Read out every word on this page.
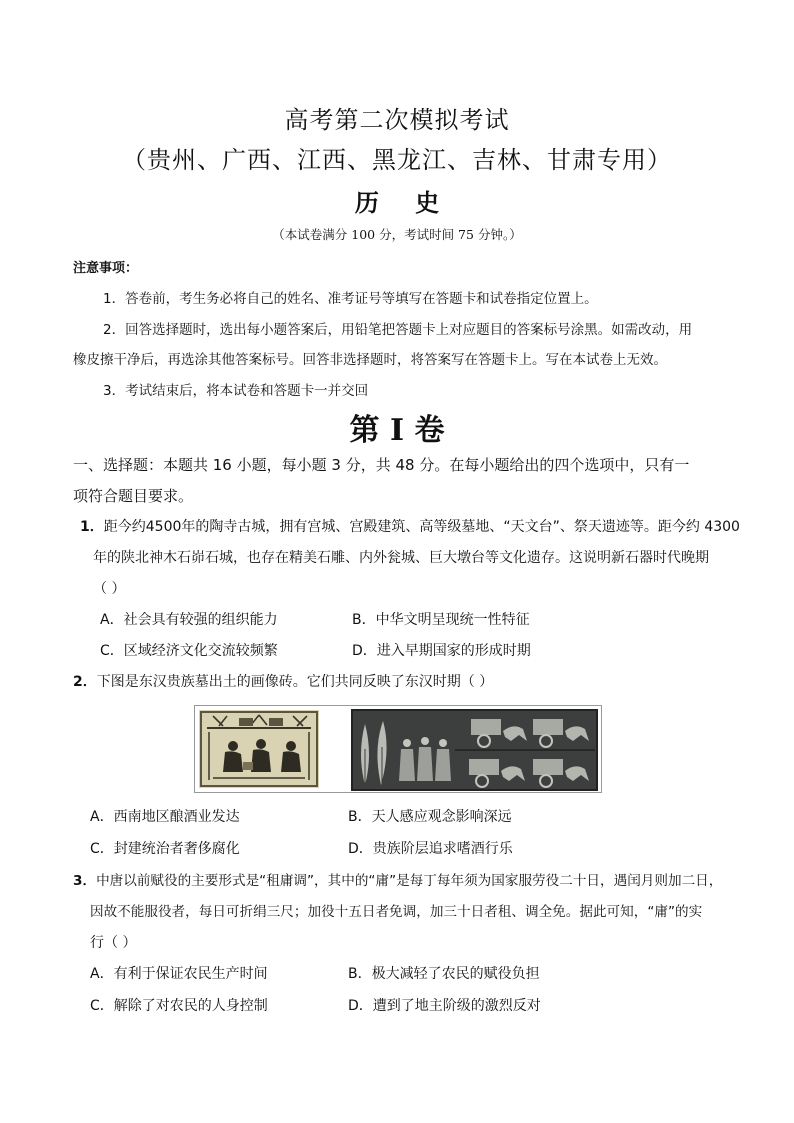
高考第二次模拟考试
（贵州、广西、江西、黑龙江、吉林、甘肃专用）
历 史
（本试卷满分 100 分，考试时间 75 分钟。）
注意事项：
1．答卷前，考生务必将自己的姓名、准考证号等填写在答题卡和试卷指定位置上。
2．回答选择题时，选出每小题答案后，用铅笔把答题卡上对应题目的答案标号涂黑。如需改动，用
橡皮擦干净后，再选涂其他答案标号。回答非选择题时，将答案写在答题卡上。写在本试卷上无效。
3．考试结束后，将本试卷和答题卡一并交回
第 I 卷
一、选择题：本题共 16 小题，每小题 3 分，共 48 分。在每小题给出的四个选项中，只有一
项符合题目要求。
1．距今约4500年的陶寺古城，拥有宫城、宫殿建筑、高等级墓地、“天文台”、祭天遗迹等。距今约 4300
年的陕北神木石峁石城，也存在精美石雕、内外瓮城、巨大墩台等文化遗存。这说明新石器时代晚期
（ ）
A．社会具有较强的组织能力	B．中华文明呈现统一性特征
C．区域经济文化交流较频繁	D．进入早期国家的形成时期
2．下图是东汉贵族墓出土的画像砖。它们共同反映了东汉时期（ ）
A．西南地区酿酒业发达	B．天人感应观念影响深远
C．封建统治者奢侈腐化	D．贵族阶层追求嗜酒行乐
3．中唐以前赋役的主要形式是“租庸调”，其中的“庸”是每丁每年须为国家服劳役二十日，遇闰月则加二日，
因故不能服役者，每日可折绢三尺；加役十五日者免调，加三十日者租、调全免。据此可知，“庸”的实
行（ ）
A．有利于保证农民生产时间	B．极大减轻了农民的赋役负担
C．解除了对农民的人身控制	D．遭到了地主阶级的激烈反对
